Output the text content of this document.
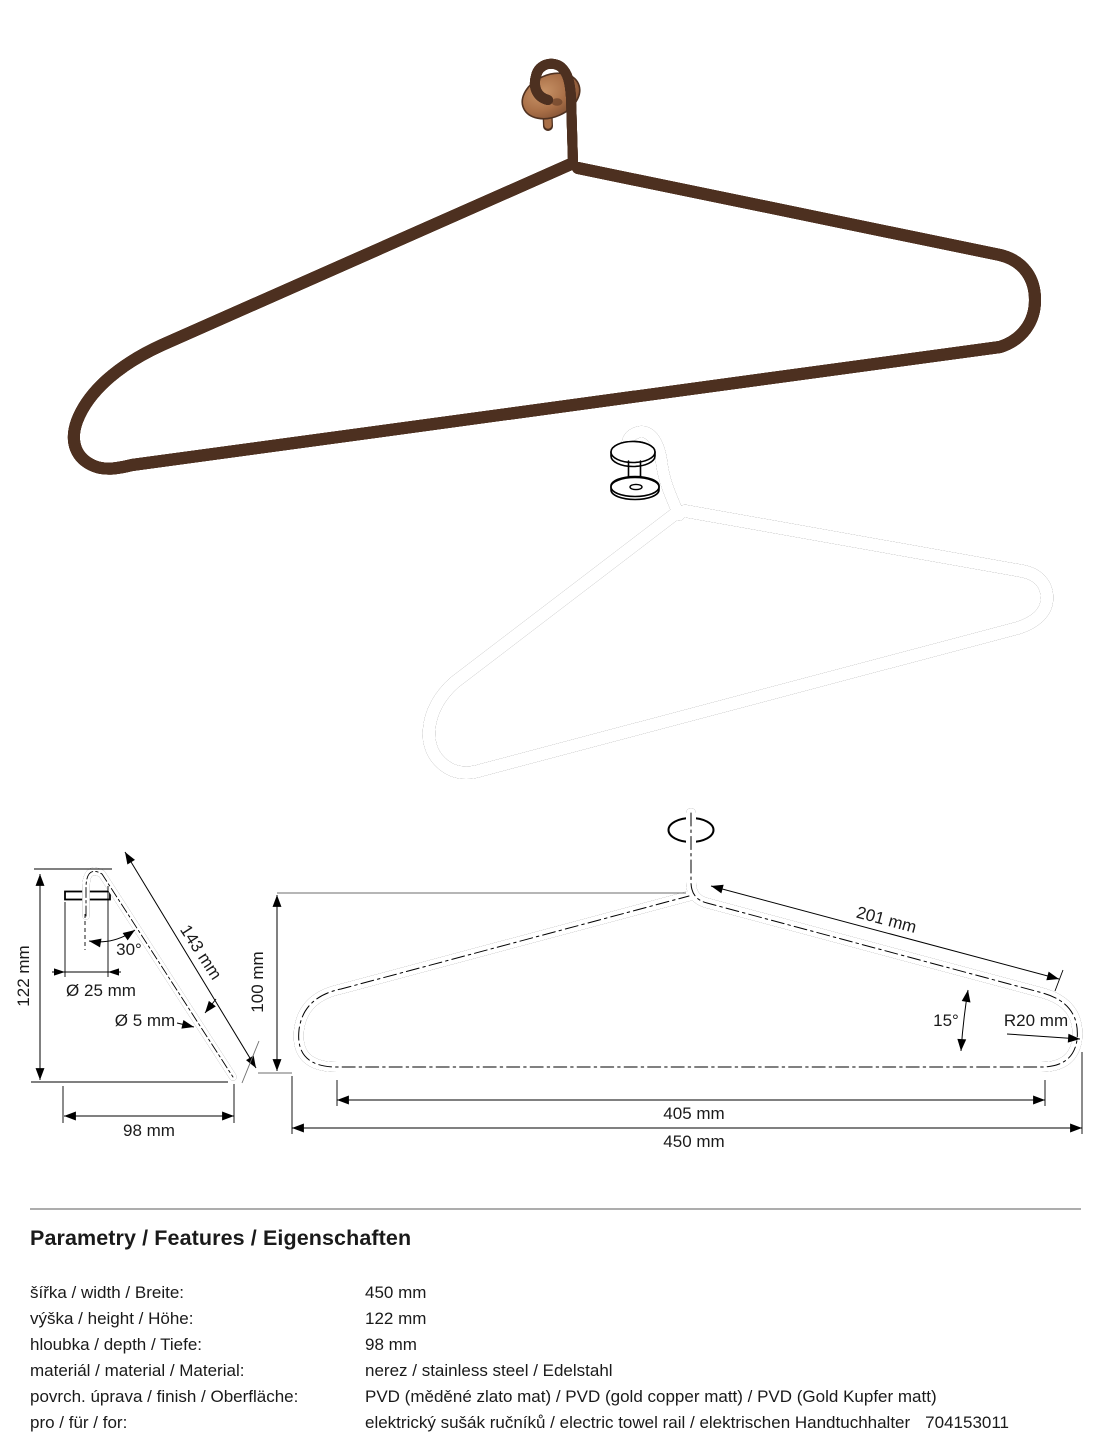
122 mm	30°
Ø 25 mm
Ø 5 mm
143 mm
98 mm
100 mm
201 mm
15°	R20 mm
405 mm
450 mm
Parametry / Features / Eigenschaften
šířka / width / Breite:	450 mm
výška / height / Höhe:	122 mm
hloubka / depth / Tiefe:	98 mm
materiál / material / Material:	nerez / stainless steel / Edelstahl
povrch. úprava / finish / Oberfläche:	PVD (měděné zlato mat) / PVD (gold copper matt) / PVD (Gold Kupfer matt)
pro / für / for:	elektrický sušák ručníků / electric towel rail / elektrischen Handtuchhalter 704153011
